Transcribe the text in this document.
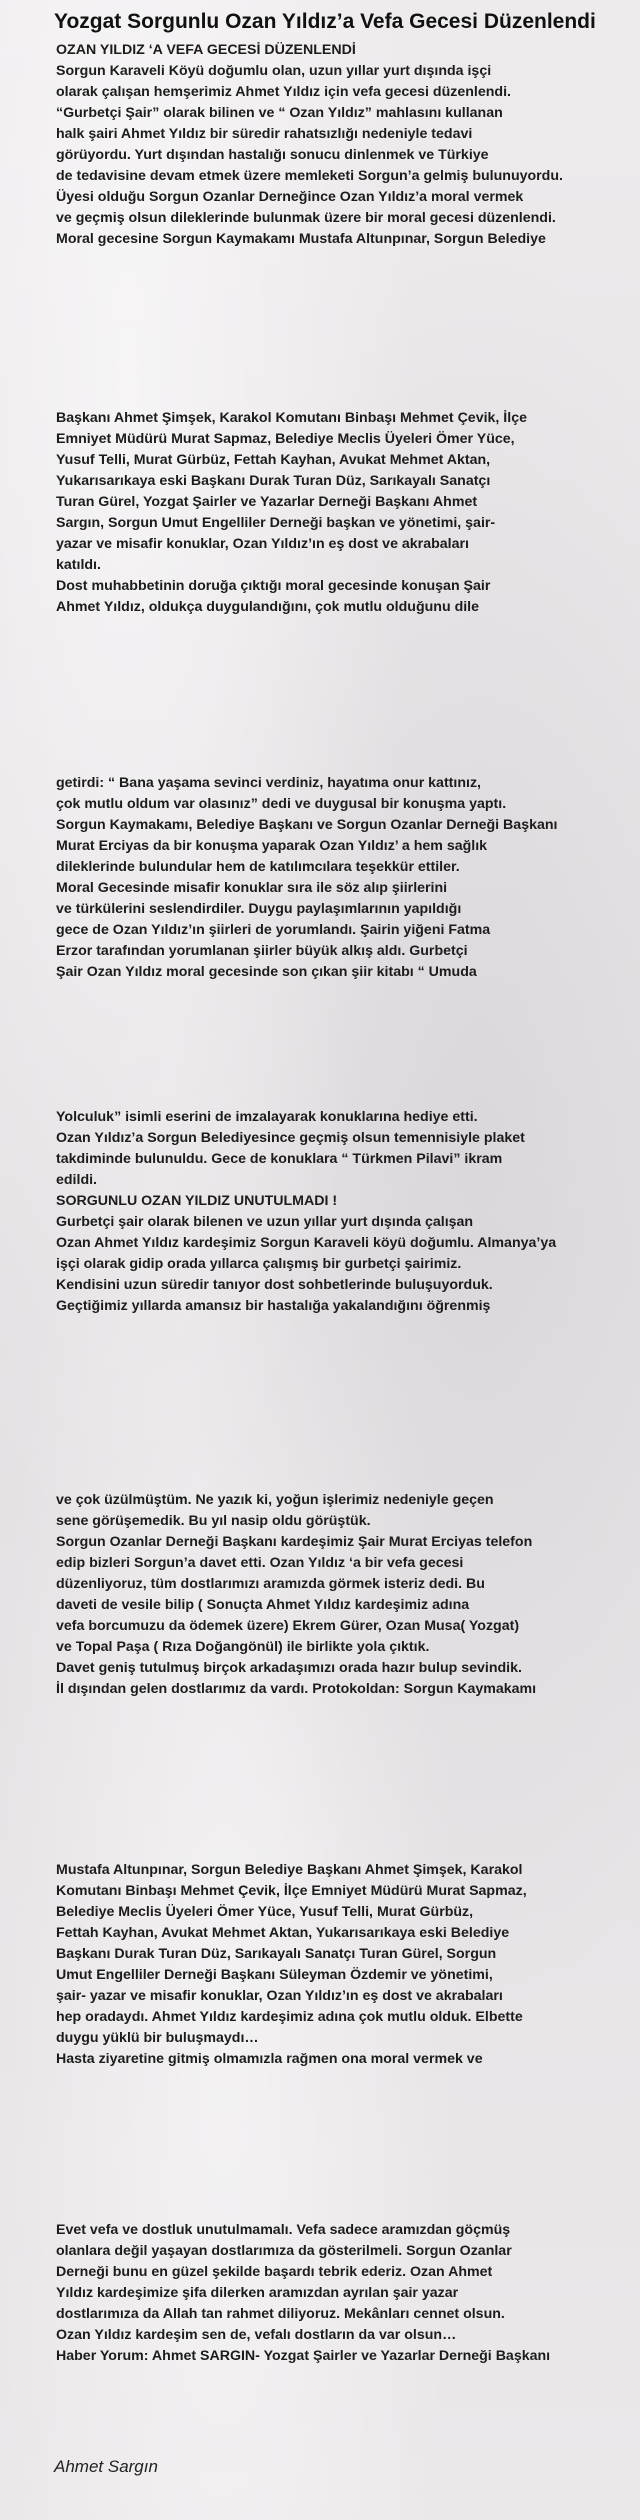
Yozgat Sorgunlu Ozan Yıldız’a Vefa Gecesi Düzenlendi
OZAN YILDIZ ‘A VEFA GECESİ DÜZENLENDİ
Sorgun Karaveli Köyü doğumlu olan, uzun yıllar yurt dışında işçi
olarak çalışan hemşerimiz Ahmet Yıldız için vefa gecesi düzenlendi.
“Gurbetçi Şair” olarak bilinen ve “ Ozan Yıldız” mahlasını kullanan
halk şairi Ahmet Yıldız bir süredir rahatsızlığı nedeniyle tedavi
görüyordu. Yurt dışından hastalığı sonucu dinlenmek ve Türkiye
de tedavisine devam etmek üzere memleketi Sorgun’a gelmiş bulunuyordu.
Üyesi olduğu Sorgun Ozanlar Derneğince Ozan Yıldız’a moral vermek
ve geçmiş olsun dileklerinde bulunmak üzere bir moral gecesi düzenlendi.
Moral gecesine Sorgun Kaymakamı Mustafa Altunpınar, Sorgun Belediye
Başkanı Ahmet Şimşek, Karakol Komutanı Binbaşı Mehmet Çevik, İlçe
Emniyet Müdürü Murat Sapmaz, Belediye Meclis Üyeleri Ömer Yüce,
Yusuf Telli, Murat Gürbüz, Fettah Kayhan, Avukat Mehmet Aktan,
Yukarısarıkaya eski Başkanı Durak Turan Düz, Sarıkayalı Sanatçı
Turan Gürel, Yozgat Şairler ve Yazarlar Derneği Başkanı Ahmet
Sargın, Sorgun Umut Engelliler Derneği başkan ve yönetimi, şair-
yazar ve misafir konuklar, Ozan Yıldız’ın eş dost ve akrabaları
katıldı.
Dost muhabbetinin doruğa çıktığı moral gecesinde konuşan Şair
Ahmet Yıldız, oldukça duygulandığını, çok mutlu olduğunu dile
getirdi: “ Bana yaşama sevinci verdiniz, hayatıma onur kattınız,
çok mutlu oldum var olasınız” dedi ve duygusal bir konuşma yaptı.
Sorgun Kaymakamı, Belediye Başkanı ve Sorgun Ozanlar Derneği Başkanı
Murat Erciyas da bir konuşma yaparak Ozan Yıldız’ a hem sağlık
dileklerinde bulundular hem de katılımcılara teşekkür ettiler.
Moral Gecesinde misafir konuklar sıra ile söz alıp şiirlerini
ve türkülerini seslendirdiler. Duygu paylaşımlarının yapıldığı
gece de Ozan Yıldız’ın şiirleri de yorumlandı. Şairin yiğeni Fatma
Erzor tarafından yorumlanan şiirler büyük alkış aldı. Gurbetçi
Şair Ozan Yıldız moral gecesinde son çıkan şiir kitabı “ Umuda
Yolculuk” isimli eserini de imzalayarak konuklarına hediye etti.
Ozan Yıldız’a Sorgun Belediyesince geçmiş olsun temennisiyle plaket
takdiminde bulunuldu. Gece de konuklara “ Türkmen Pilavi” ikram
edildi.
SORGUNLU OZAN YILDIZ UNUTULMADI !
Gurbetçi şair olarak bilenen ve uzun yıllar yurt dışında çalışan
Ozan Ahmet Yıldız kardeşimiz Sorgun Karaveli köyü doğumlu. Almanya’ya
işçi olarak gidip orada yıllarca çalışmış bir gurbetçi şairimiz.
Kendisini uzun süredir tanıyor dost sohbetlerinde buluşuyorduk.
Geçtiğimiz yıllarda amansız bir hastalığa yakalandığını öğrenmiş
ve çok üzülmüştüm. Ne yazık ki, yoğun işlerimiz nedeniyle geçen
sene görüşemedik. Bu yıl nasip oldu görüştük.
Sorgun Ozanlar Derneği Başkanı kardeşimiz Şair Murat Erciyas telefon
edip bizleri Sorgun’a davet etti. Ozan Yıldız ‘a bir vefa gecesi
düzenliyoruz, tüm dostlarımızı aramızda görmek isteriz dedi. Bu
daveti de vesile bilip ( Sonuçta Ahmet Yıldız kardeşimiz adına
vefa borcumuzu da ödemek üzere) Ekrem Gürer, Ozan Musa( Yozgat)
ve Topal Paşa ( Rıza Doğangönül) ile birlikte yola çıktık.
Davet geniş tutulmuş birçok arkadaşımızı orada hazır bulup sevindik.
İl dışından gelen dostlarımız da vardı. Protokoldan: Sorgun Kaymakamı
Mustafa Altunpınar, Sorgun Belediye Başkanı Ahmet Şimşek, Karakol
Komutanı Binbaşı Mehmet Çevik, İlçe Emniyet Müdürü Murat Sapmaz,
Belediye Meclis Üyeleri Ömer Yüce, Yusuf Telli, Murat Gürbüz,
Fettah Kayhan, Avukat Mehmet Aktan, Yukarısarıkaya eski Belediye
Başkanı Durak Turan Düz, Sarıkayalı Sanatçı Turan Gürel, Sorgun
Umut Engelliler Derneği Başkanı Süleyman Özdemir ve yönetimi,
şair- yazar ve misafir konuklar, Ozan Yıldız’ın eş dost ve akrabaları
hep oradaydı. Ahmet Yıldız kardeşimiz adına çok mutlu olduk. Elbette
duygu yüklü bir buluşmaydı…
Hasta ziyaretine gitmiş olmamızla rağmen ona moral vermek ve
Evet vefa ve dostluk unutulmamalı. Vefa sadece aramızdan göçmüş
olanlara değil yaşayan dostlarımıza da gösterilmeli. Sorgun Ozanlar
Derneği bunu en güzel şekilde başardı tebrik ederiz. Ozan Ahmet
Yıldız kardeşimize şifa dilerken aramızdan ayrılan şair yazar
dostlarımıza da Allah tan rahmet diliyoruz. Mekânları cennet olsun.
Ozan Yıldız kardeşim sen de, vefalı dostların da var olsun…
Haber Yorum: Ahmet SARGIN- Yozgat Şairler ve Yazarlar Derneği Başkanı
Ahmet Sargın
